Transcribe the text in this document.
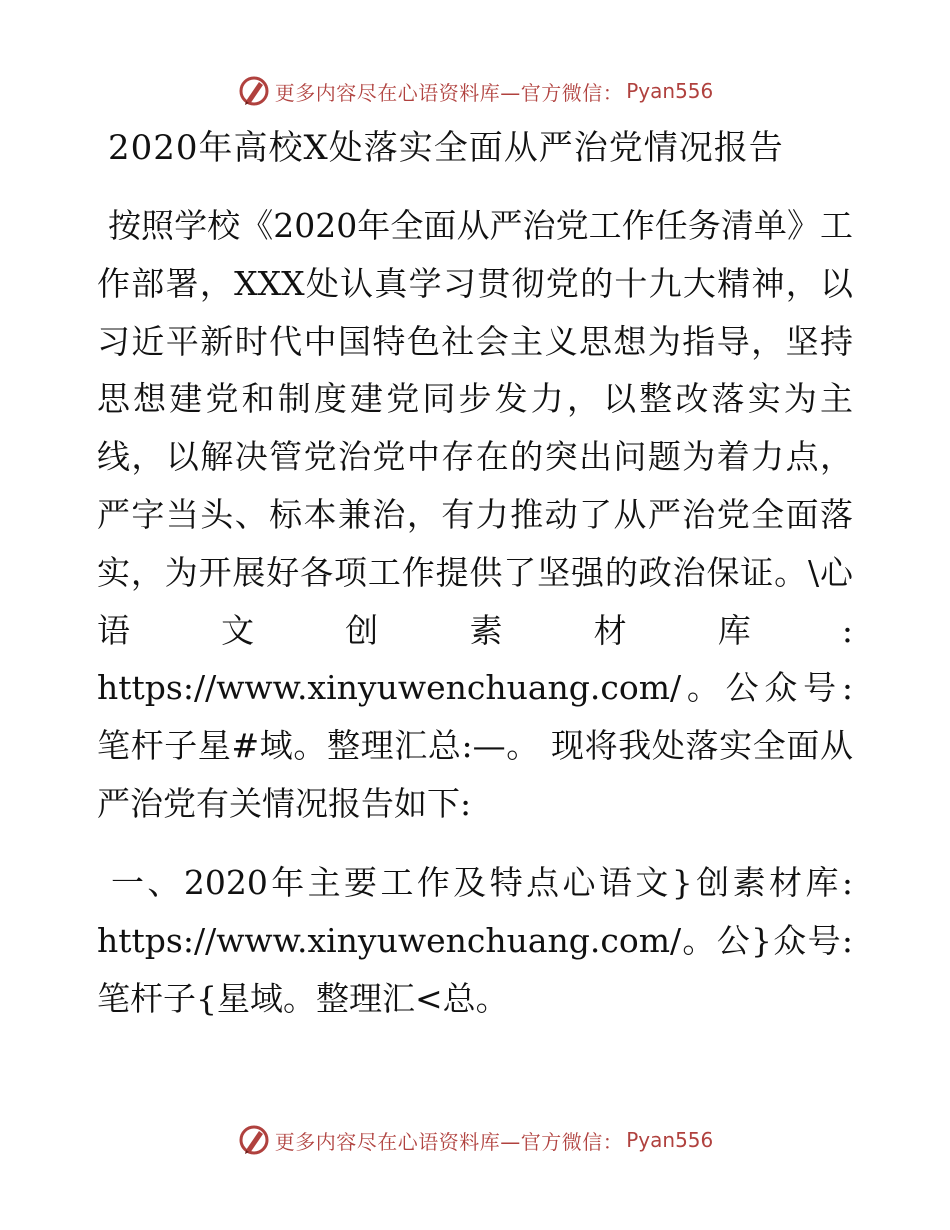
更多内容尽在心语资料库—官方微信： Pyan556
2020年高校X处落实全面从严治党情况报告

按照学校《2020年全面从严治党工作任务清单》工作部署，XXX处认真学习贯彻党的十九大精神，以习近平新时代中国特色社会主义思想为指导，坚持思想建党和制度建党同步发力，以整改落实为主线，以解决管党治党中存在的突出问题为着力点，严字当头、标本兼治，有力推动了从严治党全面落实，为开展好各项工作提供了坚强的政治保证。\心语文创素材库: https://www.xinyuwenchuang.com/。公众号: 笔杆子星#域。整理汇总:—。 现将我处落实全面从严治党有关情况报告如下:

一、2020年主要工作及特点心语文}创素材库: https://www.xinyuwenchuang.com/。公}众号: 笔杆子{星域。整理汇<总。

更多内容尽在心语资料库—官方微信： Pyan556
